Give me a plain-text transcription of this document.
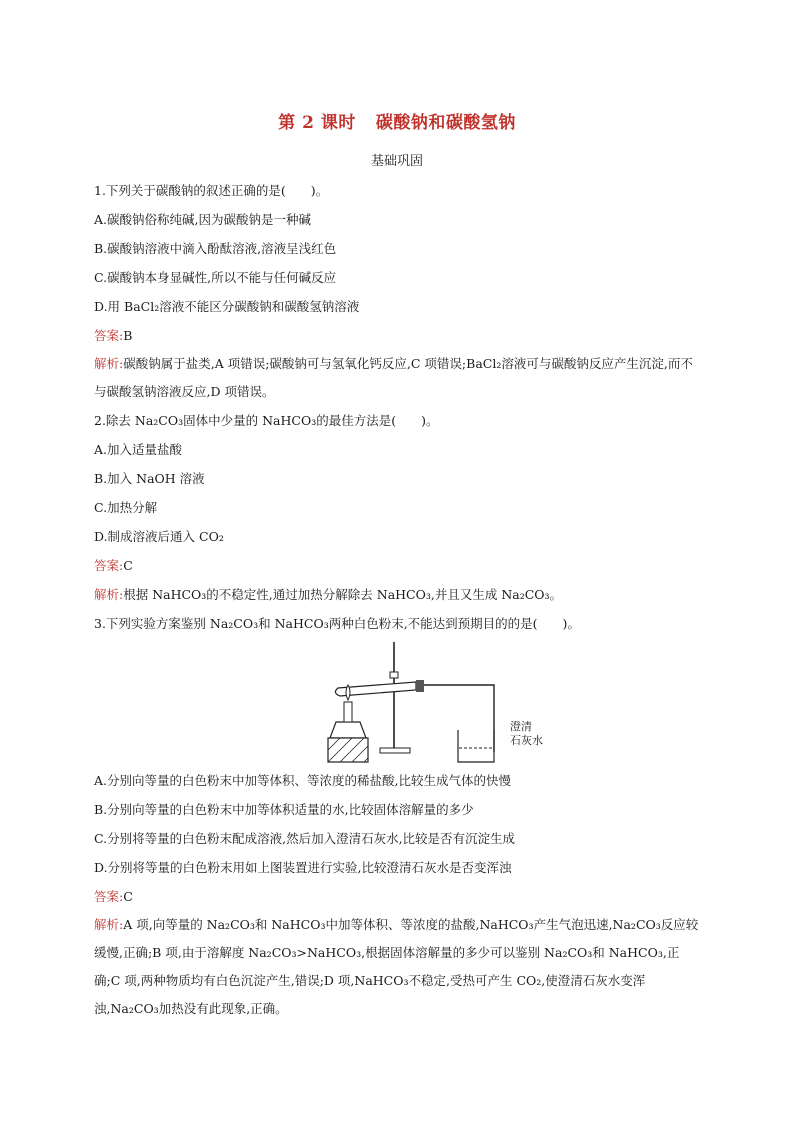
第 2 课时 碳酸钠和碳酸氢钠
基础巩固
1.下列关于碳酸钠的叙述正确的是(　　)。
A.碳酸钠俗称纯碱,因为碳酸钠是一种碱
B.碳酸钠溶液中滴入酚酞溶液,溶液呈浅红色
C.碳酸钠本身显碱性,所以不能与任何碱反应
D.用 BaCl₂溶液不能区分碳酸钠和碳酸氢钠溶液
答案:B
解析:碳酸钠属于盐类,A 项错误;碳酸钠可与氢氧化钙反应,C 项错误;BaCl₂溶液可与碳酸钠反应产生沉淀,而不与碳酸氢钠溶液反应,D 项错误。
2.除去 Na₂CO₃固体中少量的 NaHCO₃的最佳方法是(　　)。
A.加入适量盐酸
B.加入 NaOH 溶液
C.加热分解
D.制成溶液后通入 CO₂
答案:C
解析:根据 NaHCO₃的不稳定性,通过加热分解除去 NaHCO₃,并且又生成 Na₂CO₃。
3.下列实验方案鉴别 Na₂CO₃和 NaHCO₃两种白色粉末,不能达到预期目的的是(　　)。
澄清
石灰水
A.分别向等量的白色粉末中加等体积、等浓度的稀盐酸,比较生成气体的快慢
B.分别向等量的白色粉末中加等体积适量的水,比较固体溶解量的多少
C.分别将等量的白色粉末配成溶液,然后加入澄清石灰水,比较是否有沉淀生成
D.分别将等量的白色粉末用如上图装置进行实验,比较澄清石灰水是否变浑浊
答案:C
解析:A 项,向等量的 Na₂CO₃和 NaHCO₃中加等体积、等浓度的盐酸,NaHCO₃产生气泡迅速,Na₂CO₃反应较缓慢,正确;B 项,由于溶解度 Na₂CO₃>NaHCO₃,根据固体溶解量的多少可以鉴别 Na₂CO₃和 NaHCO₃,正确;C 项,两种物质均有白色沉淀产生,错误;D 项,NaHCO₃不稳定,受热可产生 CO₂,使澄清石灰水变浑浊,Na₂CO₃加热没有此现象,正确。
